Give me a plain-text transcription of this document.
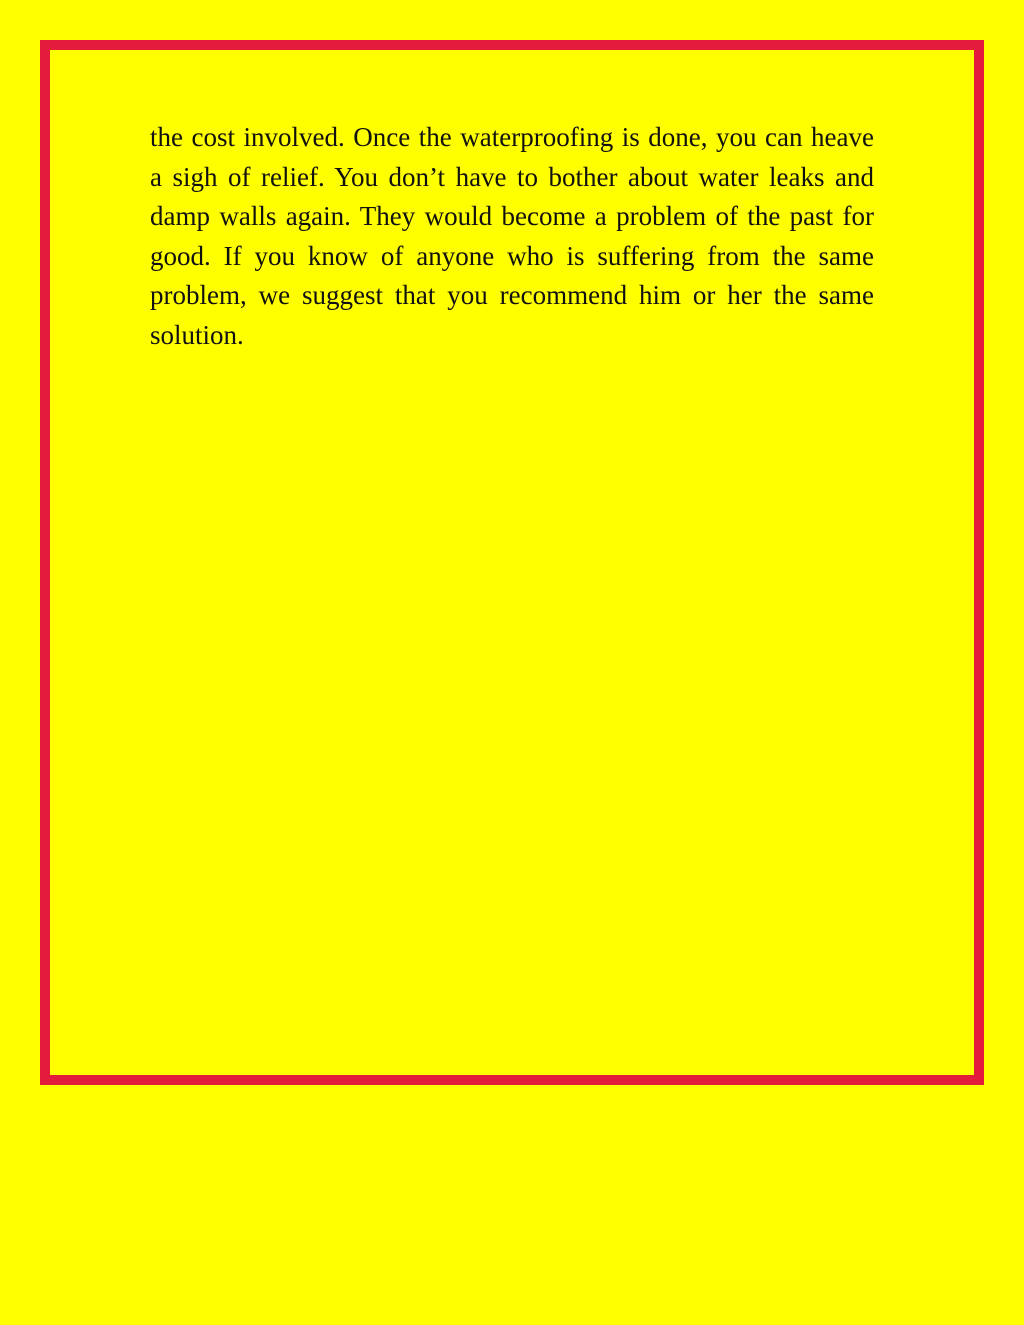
the cost involved. Once the waterproofing is done, you can heave a sigh of relief. You don’t have to bother about water leaks and damp walls again. They would become a problem of the past for good. If you know of anyone who is suffering from the same problem, we suggest that you recommend him or her the same solution.
